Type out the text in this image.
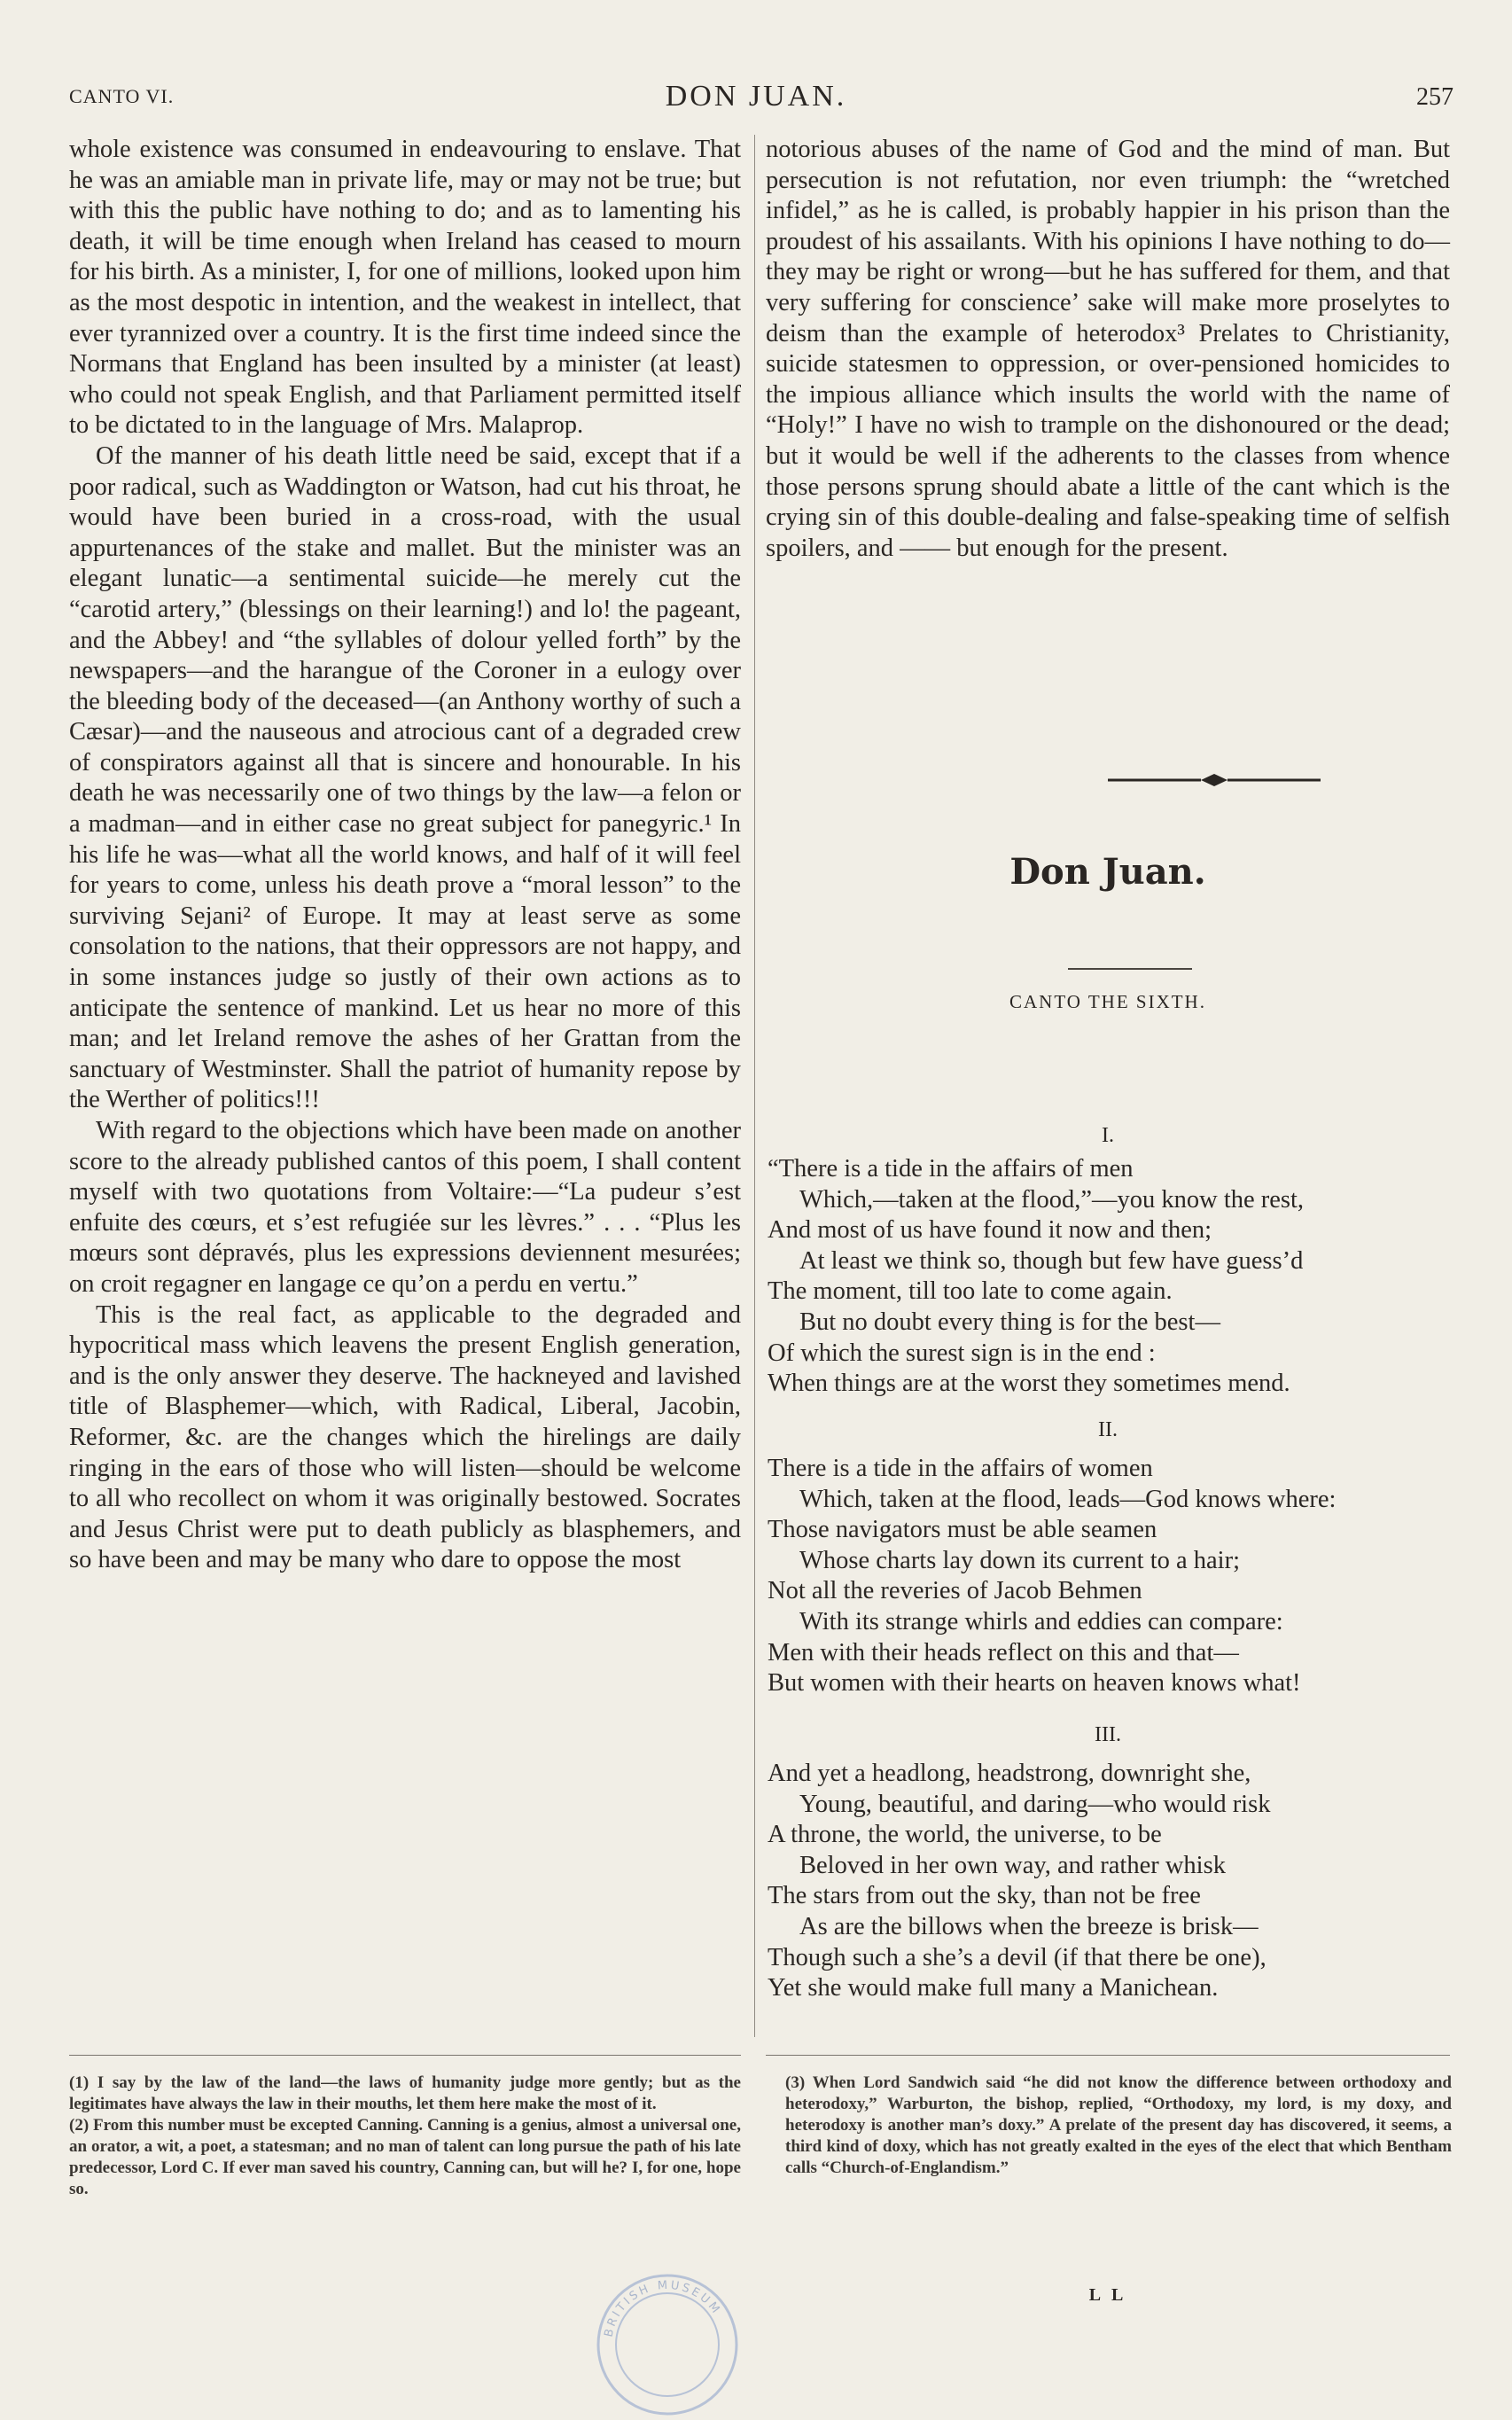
CANTO VI.	DON JUAN.	257

whole existence was consumed in endeavouring to enslave. That he was an amiable man in private life, may or may not be true; but with this the public have nothing to do; and as to lamenting his death, it will be time enough when Ireland has ceased to mourn for his birth. As a minister, I, for one of millions, looked upon him as the most despotic in intention, and the weakest in intellect, that ever tyrannized over a country. It is the first time indeed since the Normans that England has been insulted by a minister (at least) who could not speak English, and that Parliament permitted itself to be dictated to in the language of Mrs. Malaprop.

Of the manner of his death little need be said, except that if a poor radical, such as Waddington or Watson, had cut his throat, he would have been buried in a cross-road, with the usual appurtenances of the stake and mallet. But the minister was an elegant lunatic—a sentimental suicide—he merely cut the “carotid artery,” (blessings on their learning!) and lo! the pageant, and the Abbey! and “the syllables of dolour yelled forth” by the newspapers—and the harangue of the Coroner in a eulogy over the bleeding body of the deceased—(an Anthony worthy of such a Cæsar)—and the nauseous and atrocious cant of a degraded crew of conspirators against all that is sincere and honourable. In his death he was necessarily one of two things by the law—a felon or a madman—and in either case no great subject for panegyric.¹ In his life he was—what all the world knows, and half of it will feel for years to come, unless his death prove a “moral lesson” to the surviving Sejani² of Europe. It may at least serve as some consolation to the nations, that their oppressors are not happy, and in some instances judge so justly of their own actions as to anticipate the sentence of mankind. Let us hear no more of this man; and let Ireland remove the ashes of her Grattan from the sanctuary of Westminster. Shall the patriot of humanity repose by the Werther of politics!!!

With regard to the objections which have been made on another score to the already published cantos of this poem, I shall content myself with two quotations from Voltaire:—“La pudeur s’est enfuite des cœurs, et s’est refugiée sur les lèvres.” . . . “Plus les mœurs sont dépravés, plus les expressions deviennent mesurées; on croit regagner en langage ce qu’on a perdu en vertu.”

This is the real fact, as applicable to the degraded and hypocritical mass which leavens the present English generation, and is the only answer they deserve. The hackneyed and lavished title of Blasphemer—which, with Radical, Liberal, Jacobin, Reformer, &c. are the changes which the hirelings are daily ringing in the ears of those who will listen—should be welcome to all who recollect on whom it was originally bestowed. Socrates and Jesus Christ were put to death publicly as blasphemers, and so have been and may be many who dare to oppose the most

notorious abuses of the name of God and the mind of man. But persecution is not refutation, nor even triumph: the “wretched infidel,” as he is called, is probably happier in his prison than the proudest of his assailants. With his opinions I have nothing to do—they may be right or wrong—but he has suffered for them, and that very suffering for conscience’ sake will make more proselytes to deism than the example of heterodox³ Prelates to Christianity, suicide statesmen to oppression, or over-pensioned homicides to the impious alliance which insults the world with the name of “Holy!” I have no wish to trample on the dishonoured or the dead; but it would be well if the adherents to the classes from whence those persons sprung should abate a little of the cant which is the crying sin of this double-dealing and false-speaking time of selfish spoilers, and —— but enough for the present.

Don Juan.
CANTO THE SIXTH.
I.
“There is a tide in the affairs of men
Which,—taken at the flood,”—you know the rest,
And most of us have found it now and then;
At least we think so, though but few have guess’d
The moment, till too late to come again.
But no doubt every thing is for the best—
Of which the surest sign is in the end :
When things are at the worst they sometimes mend.
II.
There is a tide in the affairs of women
Which, taken at the flood, leads—God knows where:
Those navigators must be able seamen
Whose charts lay down its current to a hair;
Not all the reveries of Jacob Behmen
With its strange whirls and eddies can compare:
Men with their heads reflect on this and that—
But women with their hearts on heaven knows what!
III.
And yet a headlong, headstrong, downright she,
Young, beautiful, and daring—who would risk
A throne, the world, the universe, to be
Beloved in her own way, and rather whisk
The stars from out the sky, than not be free
As are the billows when the breeze is brisk—
Though such a she’s a devil (if that there be one),
Yet she would make full many a Manichean.

(1) I say by the law of the land—the laws of humanity judge more gently; but as the legitimates have always the law in their mouths, let them here make the most of it.

(2) From this number must be excepted Canning. Canning is a genius, almost a universal one, an orator, a wit, a poet, a statesman; and no man of talent can long pursue the path of his late predecessor, Lord C. If ever man saved his country, Canning can, but will he? I, for one, hope so.

(3) When Lord Sandwich said “he did not know the difference between orthodoxy and heterodoxy,” Warburton, the bishop, replied, “Orthodoxy, my lord, is my doxy, and heterodoxy is another man’s doxy.” A prelate of the present day has discovered, it seems, a third kind of doxy, which has not greatly exalted in the eyes of the elect that which Bentham calls “Church-of-Englandism.”

L L
BRITISH MUSEUM
